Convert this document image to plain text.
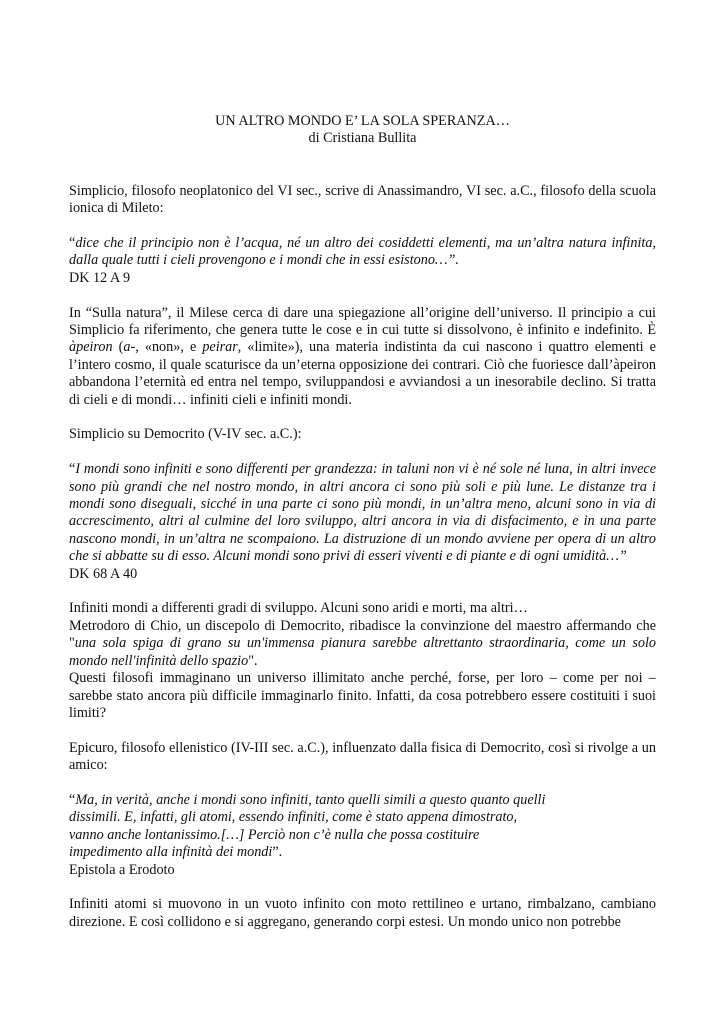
UN ALTRO MONDO E’ LA SOLA SPERANZA…

di Cristiana Bullita

Simplicio, filosofo neoplatonico del VI sec., scrive di Anassimandro, VI sec. a.C., filosofo della scuola ionica di Mileto:

“dice che il principio non è l’acqua, né un altro dei cosiddetti elementi, ma un’altra natura infinita, dalla quale tutti i cieli provengono e i mondi che in essi esistono…”.

DK 12 A 9

In “Sulla natura”, il Milese cerca di dare una spiegazione all’origine dell’universo. Il principio a cui Simplicio fa riferimento, che genera tutte le cose e in cui tutte si dissolvono, è infinito e indefinito. È àpeiron (a-, «non», e peirar, «limite»), una materia indistinta da cui nascono i quattro elementi e l’intero cosmo, il quale scaturisce da un’eterna opposizione dei contrari. Ciò che fuoriesce dall’àpeiron abbandona l’eternità ed entra nel tempo, sviluppandosi e avviandosi a un inesorabile declino. Si tratta di cieli e di mondi… infiniti cieli e infiniti mondi.

Simplicio su Democrito (V-IV sec. a.C.):

“I mondi sono infiniti e sono differenti per grandezza: in taluni non vi è né sole né luna, in altri invece sono più grandi che nel nostro mondo, in altri ancora ci sono più soli e più lune. Le distanze tra i mondi sono diseguali, sicché in una parte ci sono più mondi, in un’altra meno, alcuni sono in via di accrescimento, altri al culmine del loro sviluppo, altri ancora in via di disfacimento, e in una parte nascono mondi, in un’altra ne scompaiono. La distruzione di un mondo avviene per opera di un altro che si abbatte su di esso. Alcuni mondi sono privi di esseri viventi e di piante e di ogni umidità…”

DK 68 A 40

Infiniti mondi a differenti gradi di sviluppo. Alcuni sono aridi e morti, ma altri…

Metrodoro di Chio, un discepolo di Democrito, ribadisce la convinzione del maestro affermando che "una sola spiga di grano su un'immensa pianura sarebbe altrettanto straordinaria, come un solo mondo nell'infinità dello spazio".

Questi filosofi immaginano un universo illimitato anche perché, forse, per loro – come per noi – sarebbe stato ancora più difficile immaginarlo finito. Infatti, da cosa potrebbero essere costituiti i suoi limiti?

Epicuro, filosofo ellenistico (IV-III sec. a.C.), influenzato dalla fisica di Democrito, così si rivolge a un amico:

“Ma, in verità, anche i mondi sono infiniti, tanto quelli simili a questo quanto quelli
dissimili. E, infatti, gli atomi, essendo infiniti, come è stato appena dimostrato,
vanno anche lontanissimo.[…] Perciò non c’è nulla che possa costituire
impedimento alla infinità dei mondi”.
Epistola a Erodoto

Infiniti atomi si muovono in un vuoto infinito con moto rettilineo e urtano, rimbalzano, cambiano direzione. E così collidono e si aggregano, generando corpi estesi. Un mondo unico non potrebbe
